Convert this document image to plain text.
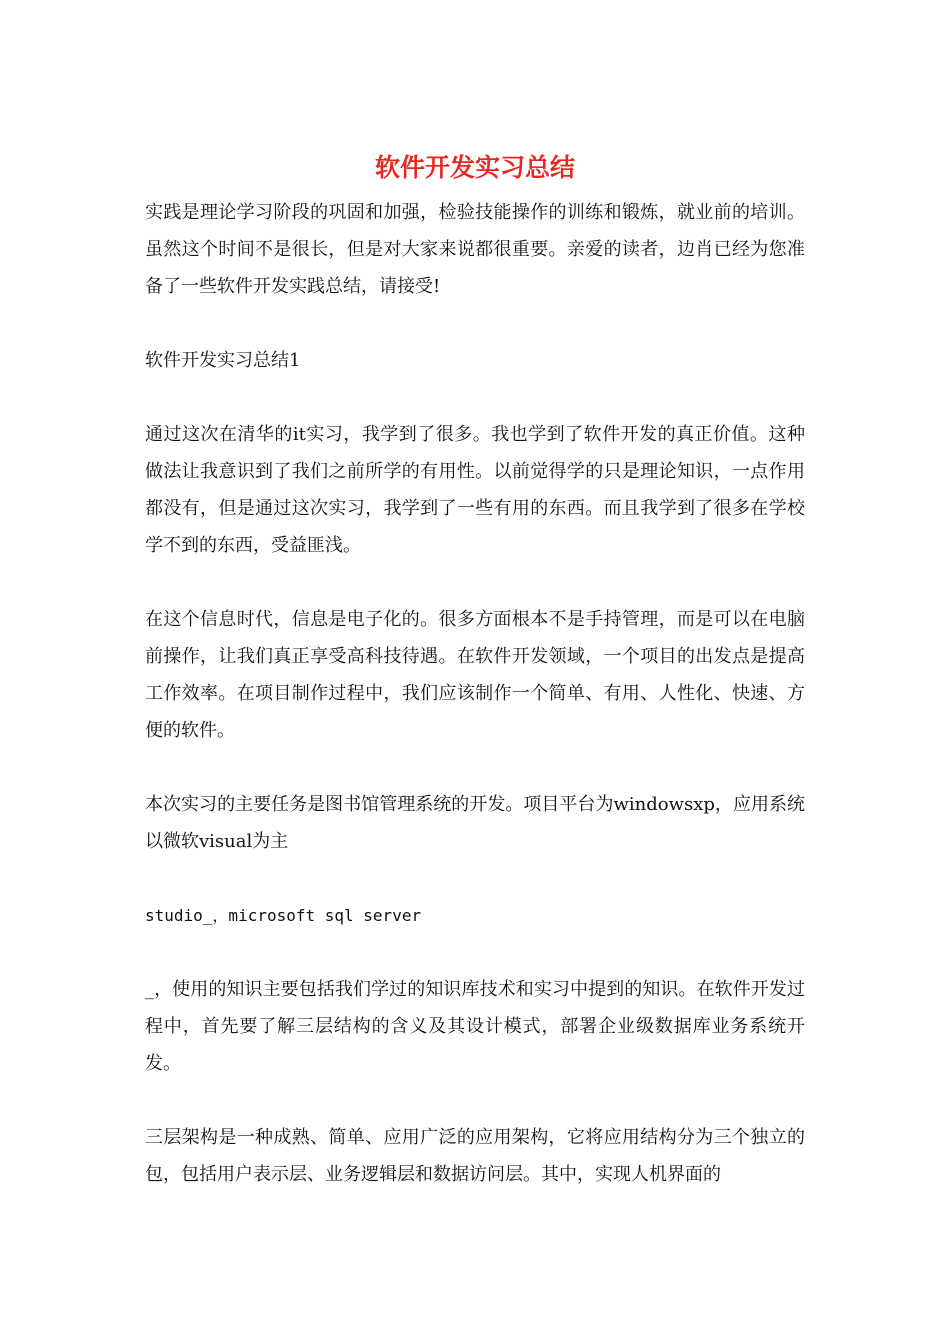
软件开发实习总结

实践是理论学习阶段的巩固和加强，检验技能操作的训练和锻炼，就业前的培训。虽然这个时间不是很长，但是对大家来说都很重要。亲爱的读者，边肖已经为您准备了一些软件开发实践总结，请接受!

软件开发实习总结1

通过这次在清华的it实习，我学到了很多。我也学到了软件开发的真正价值。这种做法让我意识到了我们之前所学的有用性。以前觉得学的只是理论知识，一点作用都没有，但是通过这次实习，我学到了一些有用的东西。而且我学到了很多在学校学不到的东西，受益匪浅。

在这个信息时代，信息是电子化的。很多方面根本不是手持管理，而是可以在电脑前操作，让我们真正享受高科技待遇。在软件开发领域，一个项目的出发点是提高工作效率。在项目制作过程中，我们应该制作一个简单、有用、人性化、快速、方便的软件。

本次实习的主要任务是图书馆管理系统的开发。项目平台为windowsxp，应用系统以微软visual为主

studio_，microsoft sql server

_，使用的知识主要包括我们学过的知识库技术和实习中提到的知识。在软件开发过程中，首先要了解三层结构的含义及其设计模式，部署企业级数据库业务系统开发。

三层架构是一种成熟、简单、应用广泛的应用架构，它将应用结构分为三个独立的包，包括用户表示层、业务逻辑层和数据访问层。其中，实现人机界面的
